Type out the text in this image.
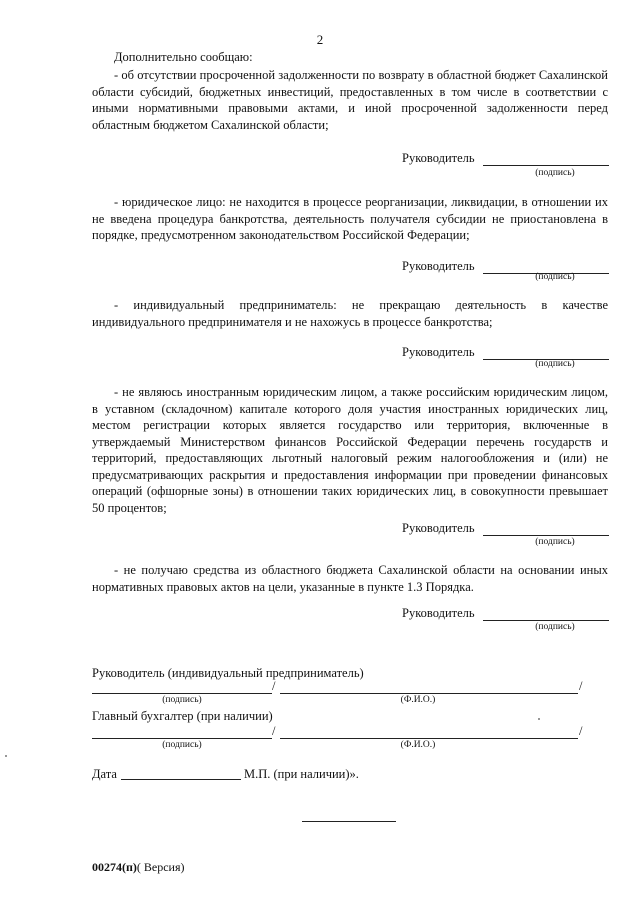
2
Дополнительно сообщаю:

- об отсутствии просроченной задолженности по возврату в областной бюджет Сахалинской области субсидий, бюджетных инвестиций, предоставленных в том числе в соответствии с иными нормативными правовыми актами, и иной просроченной задолженности перед областным бюджетом Сахалинской области;

Руководитель
(подпись)

- юридическое лицо: не находится в процессе реорганизации, ликвидации, в отношении их не введена процедура банкротства, деятельность получателя субсидии не приостановлена в порядке, предусмотренном законодательством Российской Федерации;

Руководитель
(подпись)

- индивидуальный предприниматель: не прекращаю деятельность в качестве индивидуального предпринимателя и не нахожусь в процессе банкротства;

Руководитель
(подпись)

- не являюсь иностранным юридическим лицом, а также российским юридическим лицом, в уставном (складочном) капитале которого доля участия иностранных юридических лиц, местом регистрации которых является государство или территория, включенные в утверждаемый Министерством финансов Российской Федерации перечень государств и территорий, предоставляющих льготный налоговый режим налогообложения и (или) не предусматривающих раскрытия и предоставления информации при проведении финансовых операций (офшорные зоны) в отношении таких юридических лиц, в совокупности превышает 50 процентов;

Руководитель
(подпись)

- не получаю средства из областного бюджета Сахалинской области на основании иных нормативных правовых актов на цели, указанные в пункте 1.3 Порядка.

Руководитель
(подпись)
Руководитель (индивидуальный предприниматель)
/	/
(подпись)	(Ф.И.О.)
Главный бухгалтер (при наличии)
/	/
(подпись)	(Ф.И.О.)
Дата	М.П. (при наличии)».
00274(п)( Версия)
